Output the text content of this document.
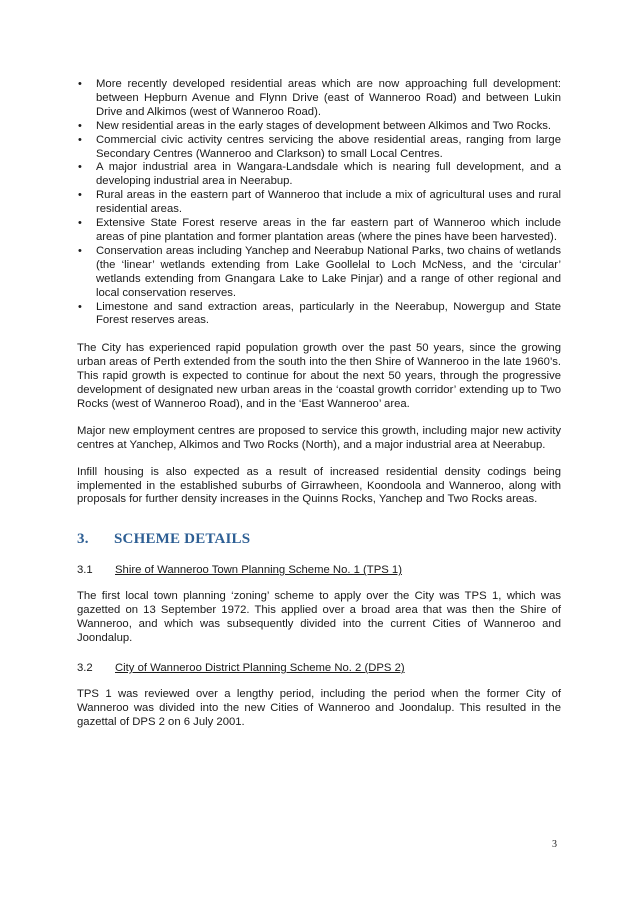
• More recently developed residential areas which are now approaching full development: between Hepburn Avenue and Flynn Drive (east of Wanneroo Road) and between Lukin Drive and Alkimos (west of Wanneroo Road).
• New residential areas in the early stages of development between Alkimos and Two Rocks.
• Commercial civic activity centres servicing the above residential areas, ranging from large Secondary Centres (Wanneroo and Clarkson) to small Local Centres.
• A major industrial area in Wangara-Landsdale which is nearing full development, and a developing industrial area in Neerabup.
• Rural areas in the eastern part of Wanneroo that include a mix of agricultural uses and rural residential areas.
• Extensive State Forest reserve areas in the far eastern part of Wanneroo which include areas of pine plantation and former plantation areas (where the pines have been harvested).
• Conservation areas including Yanchep and Neerabup National Parks, two chains of wetlands (the ‘linear’ wetlands extending from Lake Goollelal to Loch McNess, and the ‘circular’ wetlands extending from Gnangara Lake to Lake Pinjar) and a range of other regional and local conservation reserves.
• Limestone and sand extraction areas, particularly in the Neerabup, Nowergup and State Forest reserves areas.

The City has experienced rapid population growth over the past 50 years, since the growing urban areas of Perth extended from the south into the then Shire of Wanneroo in the late 1960’s. This rapid growth is expected to continue for about the next 50 years, through the progressive development of designated new urban areas in the ‘coastal growth corridor’ extending up to Two Rocks (west of Wanneroo Road), and in the ‘East Wanneroo’ area.

Major new employment centres are proposed to service this growth, including major new activity centres at Yanchep, Alkimos and Two Rocks (North), and a major industrial area at Neerabup.

Infill housing is also expected as a result of increased residential density codings being implemented in the established suburbs of Girrawheen, Koondoola and Wanneroo, along with proposals for further density increases in the Quinns Rocks, Yanchep and Two Rocks areas.

3. SCHEME DETAILS
3.1 Shire of Wanneroo Town Planning Scheme No. 1 (TPS 1)

The first local town planning ‘zoning’ scheme to apply over the City was TPS 1, which was gazetted on 13 September 1972. This applied over a broad area that was then the Shire of Wanneroo, and which was subsequently divided into the current Cities of Wanneroo and Joondalup.

3.2 City of Wanneroo District Planning Scheme No. 2 (DPS 2)

TPS 1 was reviewed over a lengthy period, including the period when the former City of Wanneroo was divided into the new Cities of Wanneroo and Joondalup. This resulted in the gazettal of DPS 2 on 6 July 2001.

3
